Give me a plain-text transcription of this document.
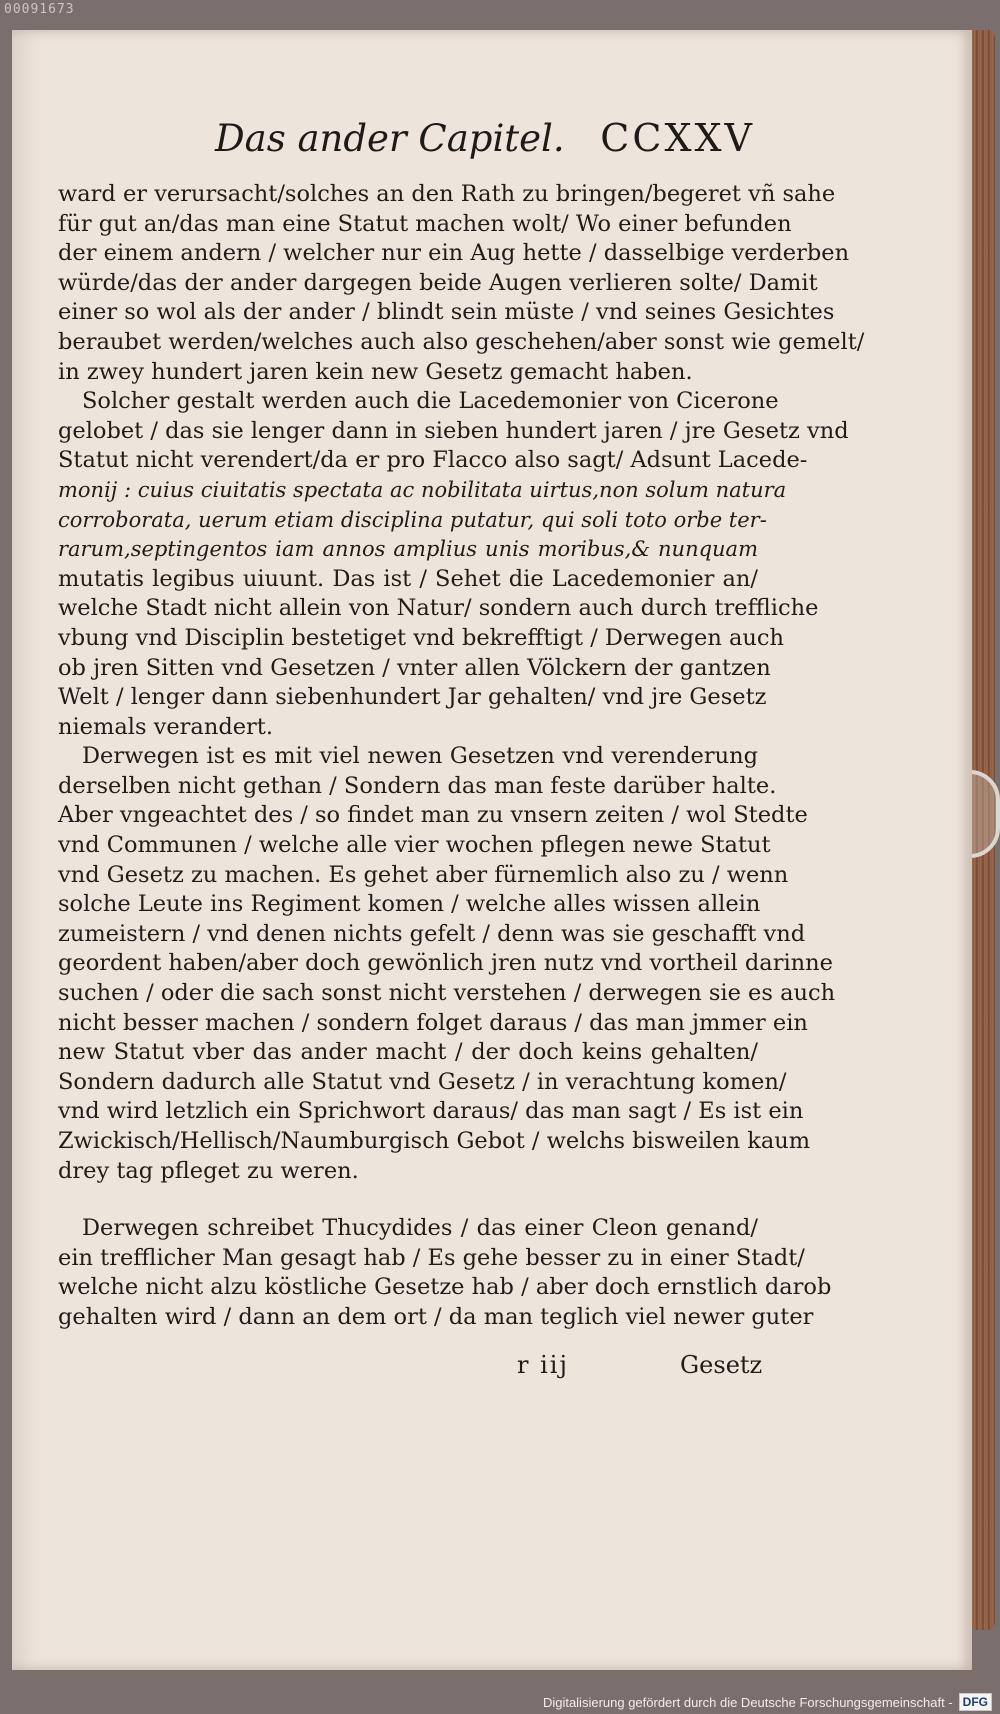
00091673
Das ander Capitel. CCXXV
ward er verursacht/solches an den Rath zu bringen/begeret vñ sahe
für gut an/das man eine Statut machen wolt/ Wo einer befunden
der einem andern / welcher nur ein Aug hette / dasselbige verderben
würde/das der ander dargegen beide Augen verlieren solte/ Damit
einer so wol als der ander / blindt sein müste / vnd seines Gesichtes
beraubet werden/welches auch also geschehen/aber sonst wie gemelt/
in zwey hundert jaren kein new Gesetz gemacht haben.
Solcher gestalt werden auch die Lacedemonier von Cicerone
gelobet / das sie lenger dann in sieben hundert jaren / jre Gesetz vnd
Statut nicht verendert/da er pro Flacco also sagt/ Adsunt Lacede-
monij : cuius ciuitatis spectata ac nobilitata uirtus,non solum natura
corroborata, uerum etiam disciplina putatur, qui soli toto orbe ter-
rarum,septingentos iam annos amplius unis moribus,& nunquam
mutatis legibus uiuunt. Das ist / Sehet die Lacedemonier an/
welche Stadt nicht allein von Natur/ sondern auch durch treffliche
vbung vnd Disciplin bestetiget vnd bekrefftigt / Derwegen auch
ob jren Sitten vnd Gesetzen / vnter allen Völckern der gantzen
Welt / lenger dann siebenhundert Jar gehalten/ vnd jre Gesetz
niemals verandert.
Derwegen ist es mit viel newen Gesetzen vnd verenderung
derselben nicht gethan / Sondern das man feste darüber halte.
Aber vngeachtet des / so findet man zu vnsern zeiten / wol Stedte
vnd Communen / welche alle vier wochen pflegen newe Statut
vnd Gesetz zu machen. Es gehet aber fürnemlich also zu / wenn
solche Leute ins Regiment komen / welche alles wissen allein
zumeistern / vnd denen nichts gefelt / denn was sie geschafft vnd
geordent haben/aber doch gewönlich jren nutz vnd vortheil darinne
suchen / oder die sach sonst nicht verstehen / derwegen sie es auch
nicht besser machen / sondern folget daraus / das man jmmer ein
new Statut vber das ander macht / der doch keins gehalten/
Sondern dadurch alle Statut vnd Gesetz / in verachtung komen/
vnd wird letzlich ein Sprichwort daraus/ das man sagt / Es ist ein
Zwickisch/Hellisch/Naumburgisch Gebot / welchs bisweilen kaum
drey tag pfleget zu weren.
Derwegen schreibet Thucydides / das einer Cleon genand/
ein trefflicher Man gesagt hab / Es gehe besser zu in einer Stadt/
welche nicht alzu köstliche Gesetze hab / aber doch ernstlich darob
gehalten wird / dann an dem ort / da man teglich viel newer guter
r iij	Gesetz
Digitalisierung gefördert durch die Deutsche Forschungsgemeinschaft - DFG
